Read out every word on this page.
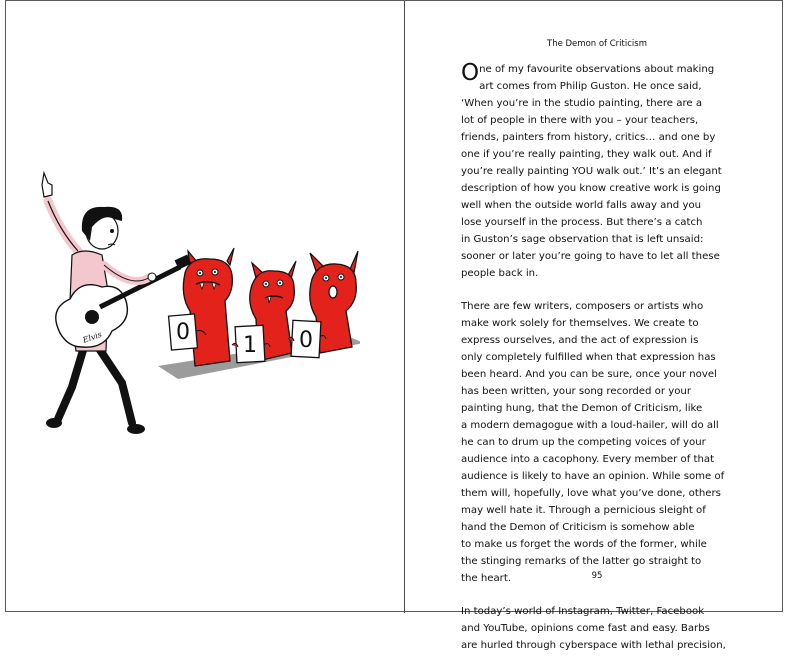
0
1 0
Elvis
The Demon of Criticism

One of my favourite observations about making
art comes from Philip Guston. He once said,
‘When you’re in the studio painting, there are a
lot of people in there with you – your teachers,
friends, painters from history, critics… and one by
one if you’re really painting, they walk out. And if
you’re really painting YOU walk out.’ It’s an elegant
description of how you know creative work is going
well when the outside world falls away and you
lose yourself in the process. But there’s a catch
in Guston’s sage observation that is left unsaid:
sooner or later you’re going to have to let all these
people back in.

There are few writers, composers or artists who
make work solely for themselves. We create to
express ourselves, and the act of expression is
only completely fulfilled when that expression has
been heard. And you can be sure, once your novel
has been written, your song recorded or your
painting hung, that the Demon of Criticism, like
a modern demagogue with a loud-hailer, will do all
he can to drum up the competing voices of your
audience into a cacophony. Every member of that
audience is likely to have an opinion. While some of
them will, hopefully, love what you’ve done, others
may well hate it. Through a pernicious sleight of
hand the Demon of Criticism is somehow able
to make us forget the words of the former, while
the stinging remarks of the latter go straight to
the heart.

In today’s world of Instagram, Twitter, Facebook
and YouTube, opinions come fast and easy. Barbs
are hurled through cyberspace with lethal precision,

95
